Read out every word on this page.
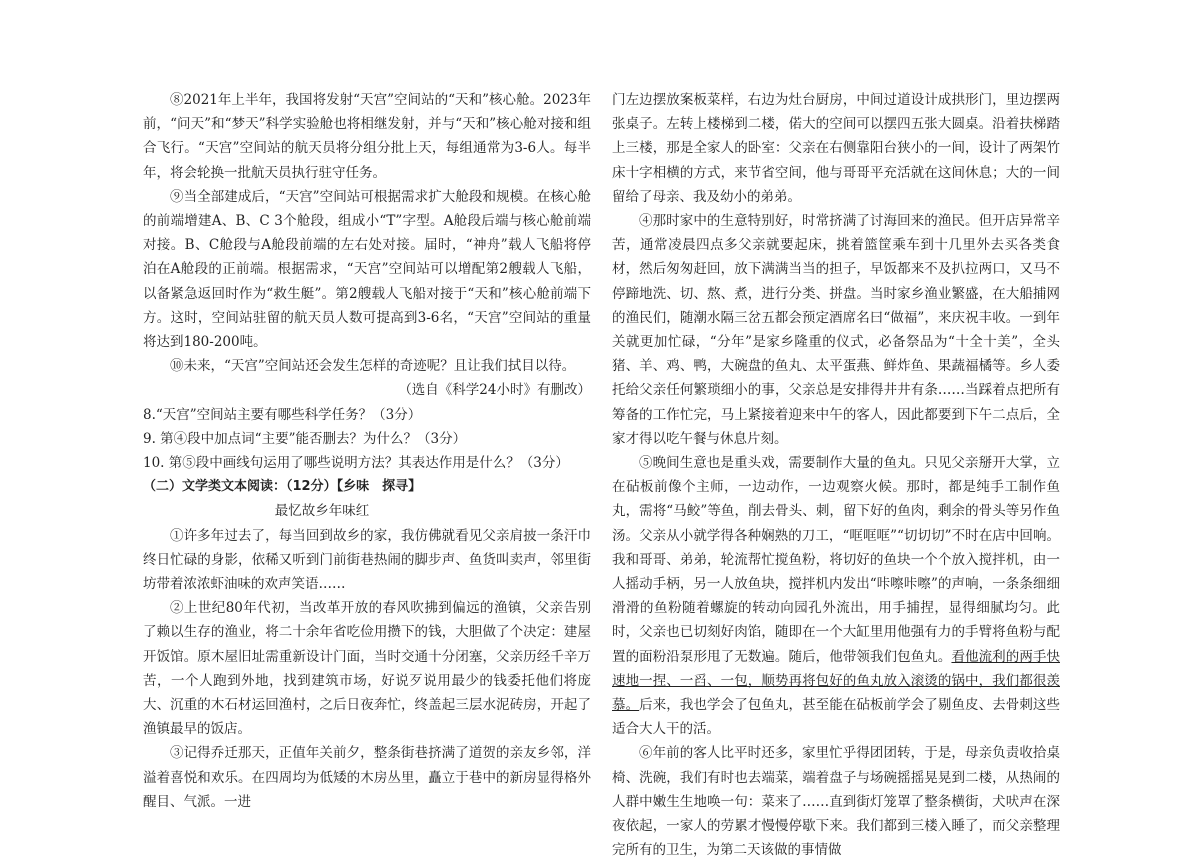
⑧2021年上半年，我国将发射“天宫”空间站的“天和”核心舱。2023年前，“问天”和“梦天”科学实验舱也将相继发射，并与“天和”核心舱对接和组合飞行。“天宫”空间站的航天员将分组分批上天，每组通常为3-6人。每半年，将会轮换一批航天员执行驻守任务。

⑨当全部建成后，“天宫”空间站可根据需求扩大舱段和规模。在核心舱的前端增建A、B、C 3个舱段，组成小“T”字型。A舱段后端与核心舱前端对接。B、C舱段与A舱段前端的左右处对接。届时，“神舟”载人飞船将停泊在A舱段的正前端。根据需求，“天宫”空间站可以增配第2艘载人飞船，以备紧急返回时作为“救生艇”。第2艘载人飞船对接于“天和”核心舱前端下方。这时，空间站驻留的航天员人数可提高到3-6名，“天宫”空间站的重量将达到180-200吨。

⑩未来，“天宫”空间站还会发生怎样的奇迹呢？且让我们拭目以待。

（选自《科学24小时》有删改）

8.“天宫”空间站主要有哪些科学任务？（3分）

9. 第④段中加点词“主要”能否删去？为什么？（3分）

10. 第⑤段中画线句运用了哪些说明方法？其表达作用是什么？（3分）

（二）文学类文本阅读：（12分）【乡味　探寻】

最忆故乡年味红

①许多年过去了，每当回到故乡的家，我仿佛就看见父亲肩披一条汗巾终日忙碌的身影，依稀又听到门前街巷热闹的脚步声、鱼货叫卖声，邻里街坊带着浓浓虾油味的欢声笑语……

②上世纪80年代初，当改革开放的春风吹拂到偏远的渔镇，父亲告别了赖以生存的渔业，将二十余年省吃俭用攒下的钱，大胆做了个决定：建屋开饭馆。原木屋旧址需重新设计门面，当时交通十分闭塞，父亲历经千辛万苦，一个人跑到外地，找到建筑市场，好说歹说用最少的钱委托他们将庞大、沉重的木石材运回渔村，之后日夜奔忙，终盖起三层水泥砖房，开起了渔镇最早的饭店。

③记得乔迁那天，正值年关前夕，整条街巷挤满了道贺的亲友乡邻，洋溢着喜悦和欢乐。在四周均为低矮的木房丛里，矗立于巷中的新房显得格外醒目、气派。一进

门左边摆放案板菜样，右边为灶台厨房，中间过道设计成拱形门，里边摆两张桌子。左转上楼梯到二楼，偌大的空间可以摆四五张大圆桌。沿着扶梯踏上三楼，那是全家人的卧室：父亲在右侧靠阳台狭小的一间，设计了两架竹床十字相横的方式，来节省空间，他与哥哥平充活就在这间休息；大的一间留给了母亲、我及幼小的弟弟。

④那时家中的生意特别好，时常挤满了讨海回来的渔民。但开店异常辛苦，通常凌晨四点多父亲就要起床，挑着篮筐乘车到十几里外去买各类食材，然后匆匆赶回，放下满满当当的担子，早饭都来不及扒拉两口，又马不停蹄地洗、切、熬、煮，进行分类、拼盘。当时家乡渔业繁盛，在大船捕网的渔民们，随潮水隔三岔五都会预定酒席名曰“做福”，来庆祝丰收。一到年关就更加忙碌，“分年”是家乡隆重的仪式，必备祭品为“十全十美”，全头猪、羊、鸡、鸭，大碗盘的鱼丸、太平蛋燕、鲜炸鱼、果蔬福橘等。乡人委托给父亲任何繁琐细小的事，父亲总是安排得井井有条……当踩着点把所有筹备的工作忙完，马上紧接着迎来中午的客人，因此都要到下午二点后，全家才得以吃午餐与休息片刻。

⑤晚间生意也是重头戏，需要制作大量的鱼丸。只见父亲掰开大掌，立在砧板前像个主师，一边动作，一边观察火候。那时，都是纯手工制作鱼丸，需将“马鲛”等鱼，削去骨头、刺，留下好的鱼肉，剩余的骨头等另作鱼汤。父亲从小就学得各种娴熟的刀工，“哐哐哐”“切切切”不时在店中回响。我和哥哥、弟弟，轮流帮忙搅鱼粉，将切好的鱼块一个个放入搅拌机，由一人摇动手柄，另一人放鱼块，搅拌机内发出“咔嚓咔嚓”的声响，一条条细细滑滑的鱼粉随着螺旋的转动向园孔外流出，用手捕捏，显得细腻均匀。此时，父亲也已切刻好肉馅，随即在一个大缸里用他强有力的手臂将鱼粉与配置的面粉沿泵形甩了无数遍。随后，他带领我们包鱼丸。看他流利的两手快速地一捏、一舀、一包，顺势再将包好的鱼丸放入滚烫的锅中，我们都很羡慕。后来，我也学会了包鱼丸，甚至能在砧板前学会了剔鱼皮、去骨刺这些适合大人干的活。

⑥年前的客人比平时还多，家里忙乎得团团转，于是，母亲负责收拾桌椅、洗碗，我们有时也去端菜，端着盘子与场碗摇摇晃晃到二楼，从热闹的人群中嫩生生地唤一句：菜来了……直到街灯笼罩了整条横街，犬吠声在深夜依起，一家人的劳累才慢慢停歇下来。我们都到三楼入睡了，而父亲整理完所有的卫生，为第二天该做的事情做
